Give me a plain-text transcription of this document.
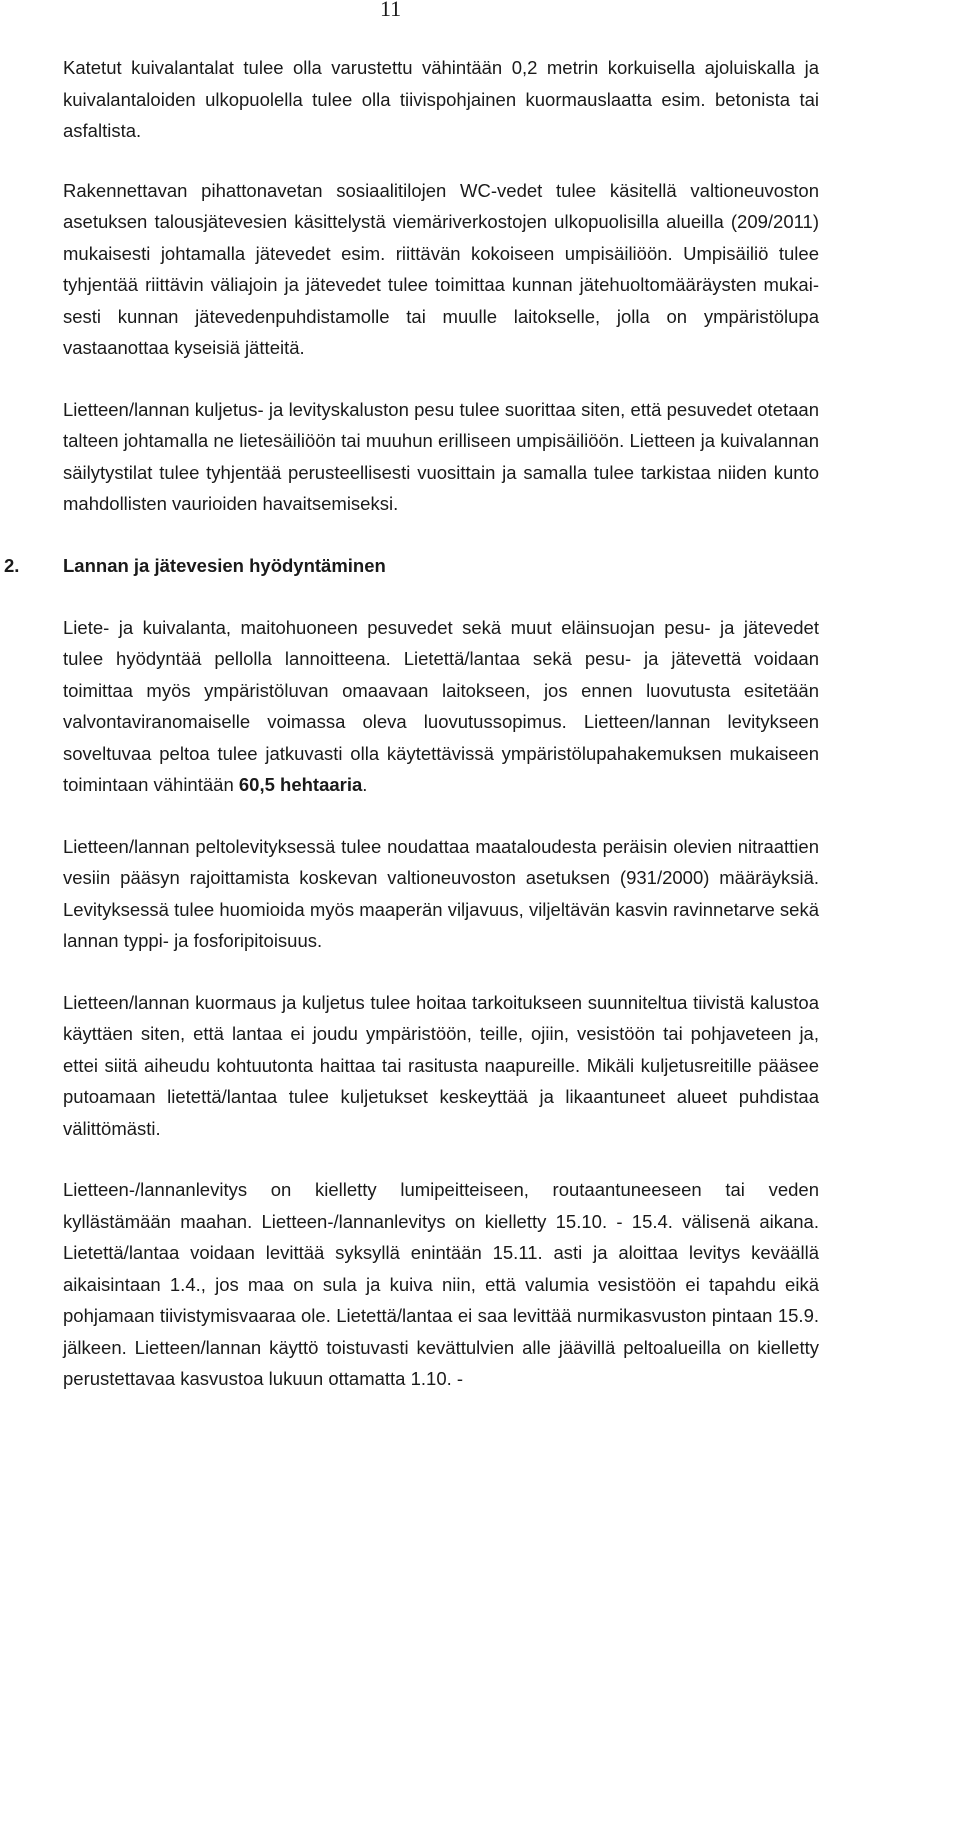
11

Katetut kuivalantalat tulee olla varustettu vähintään 0,2 metrin korkuisella ajoluiskalla ja kuivalantaloiden ulkopuolella tulee olla tiivispohjainen kuormauslaatta esim. betonista tai asfaltista.

Rakennettavan pihattonavetan sosiaalitilojen WC-vedet tulee käsitellä valtioneuvoston asetuksen talousjätevesien käsittelystä viemäriverkostojen ulkopuolisilla alueilla (209/2011) mukaisesti johtamalla jätevedet esim. riittävän kokoiseen umpisäiliöön. Umpisäiliö tulee tyhjentää riittävin väliajoin ja jätevedet tulee toimittaa kunnan jätehuoltomääräysten mukaisesti kunnan jätevedenpuhdistamolle tai muulle laitokselle, jolla on ympäristölupa vastaanottaa kyseisiä jätteitä.

Lietteen/lannan kuljetus- ja levityskaluston pesu tulee suorittaa siten, että pesuvedet otetaan talteen johtamalla ne lietesäiliöön tai muuhun erilliseen umpisäiliöön. Lietteen ja kuivalannan säilytystilat tulee tyhjentää perusteellisesti vuosittain ja samalla tulee tarkistaa niiden kunto mahdollisten vaurioiden havaitsemiseksi.

2. Lannan ja jätevesien hyödyntäminen

Liete- ja kuivalanta, maitohuoneen pesuvedet sekä muut eläinsuojan pesu- ja jätevedet tulee hyödyntää pellolla lannoitteena. Lietettä/lantaa sekä pesu- ja jätevettä voidaan toimittaa myös ympäristöluvan omaavaan laitokseen, jos ennen luovutusta esitetään valvontaviranomaiselle voimassa oleva luovutussopimus. Lietteen/lannan levitykseen soveltuvaa peltoa tulee jatkuvasti olla käytettävissä ympäristölupahakemuksen mukaiseen toimintaan vähintään 60,5 hehtaaria.

Lietteen/lannan peltolevityksessä tulee noudattaa maataloudesta peräisin olevien nitraattien vesiin pääsyn rajoittamista koskevan valtioneuvoston asetuksen (931/2000) määräyksiä. Levityksessä tulee huomioida myös maaperän viljavuus, viljeltävän kasvin ravinnetarve sekä lannan typpi- ja fosforipitoisuus.

Lietteen/lannan kuormaus ja kuljetus tulee hoitaa tarkoitukseen suunniteltua tiivistä kalustoa käyttäen siten, että lantaa ei joudu ympäristöön, teille, ojiin, vesistöön tai pohjaveteen ja, ettei siitä aiheudu kohtuutonta haittaa tai rasitusta naapureille. Mikäli kuljetusreitille pääsee putoamaan lietettä/lantaa tulee kuljetukset keskeyttää ja likaantuneet alueet puhdistaa välittömästi.

Lietteen-/lannanlevitys on kielletty lumipeitteiseen, routaantuneeseen tai veden kyllästämään maahan. Lietteen-/lannanlevitys on kielletty 15.10. - 15.4. välisenä aikana. Lietettä/lantaa voidaan levittää syksyllä enintään 15.11. asti ja aloittaa levitys keväällä aikaisintaan 1.4., jos maa on sula ja kuiva niin, että valumia vesistöön ei tapahdu eikä pohjamaan tiivistymisvaaraa ole. Lietettä/lantaa ei saa levittää nurmikasvuston pintaan 15.9. jälkeen. Lietteen/lannan käyttö toistuvasti kevättulvien alle jäävillä peltoalueilla on kielletty perustettavaa kasvustoa lukuun ottamatta 1.10. -
